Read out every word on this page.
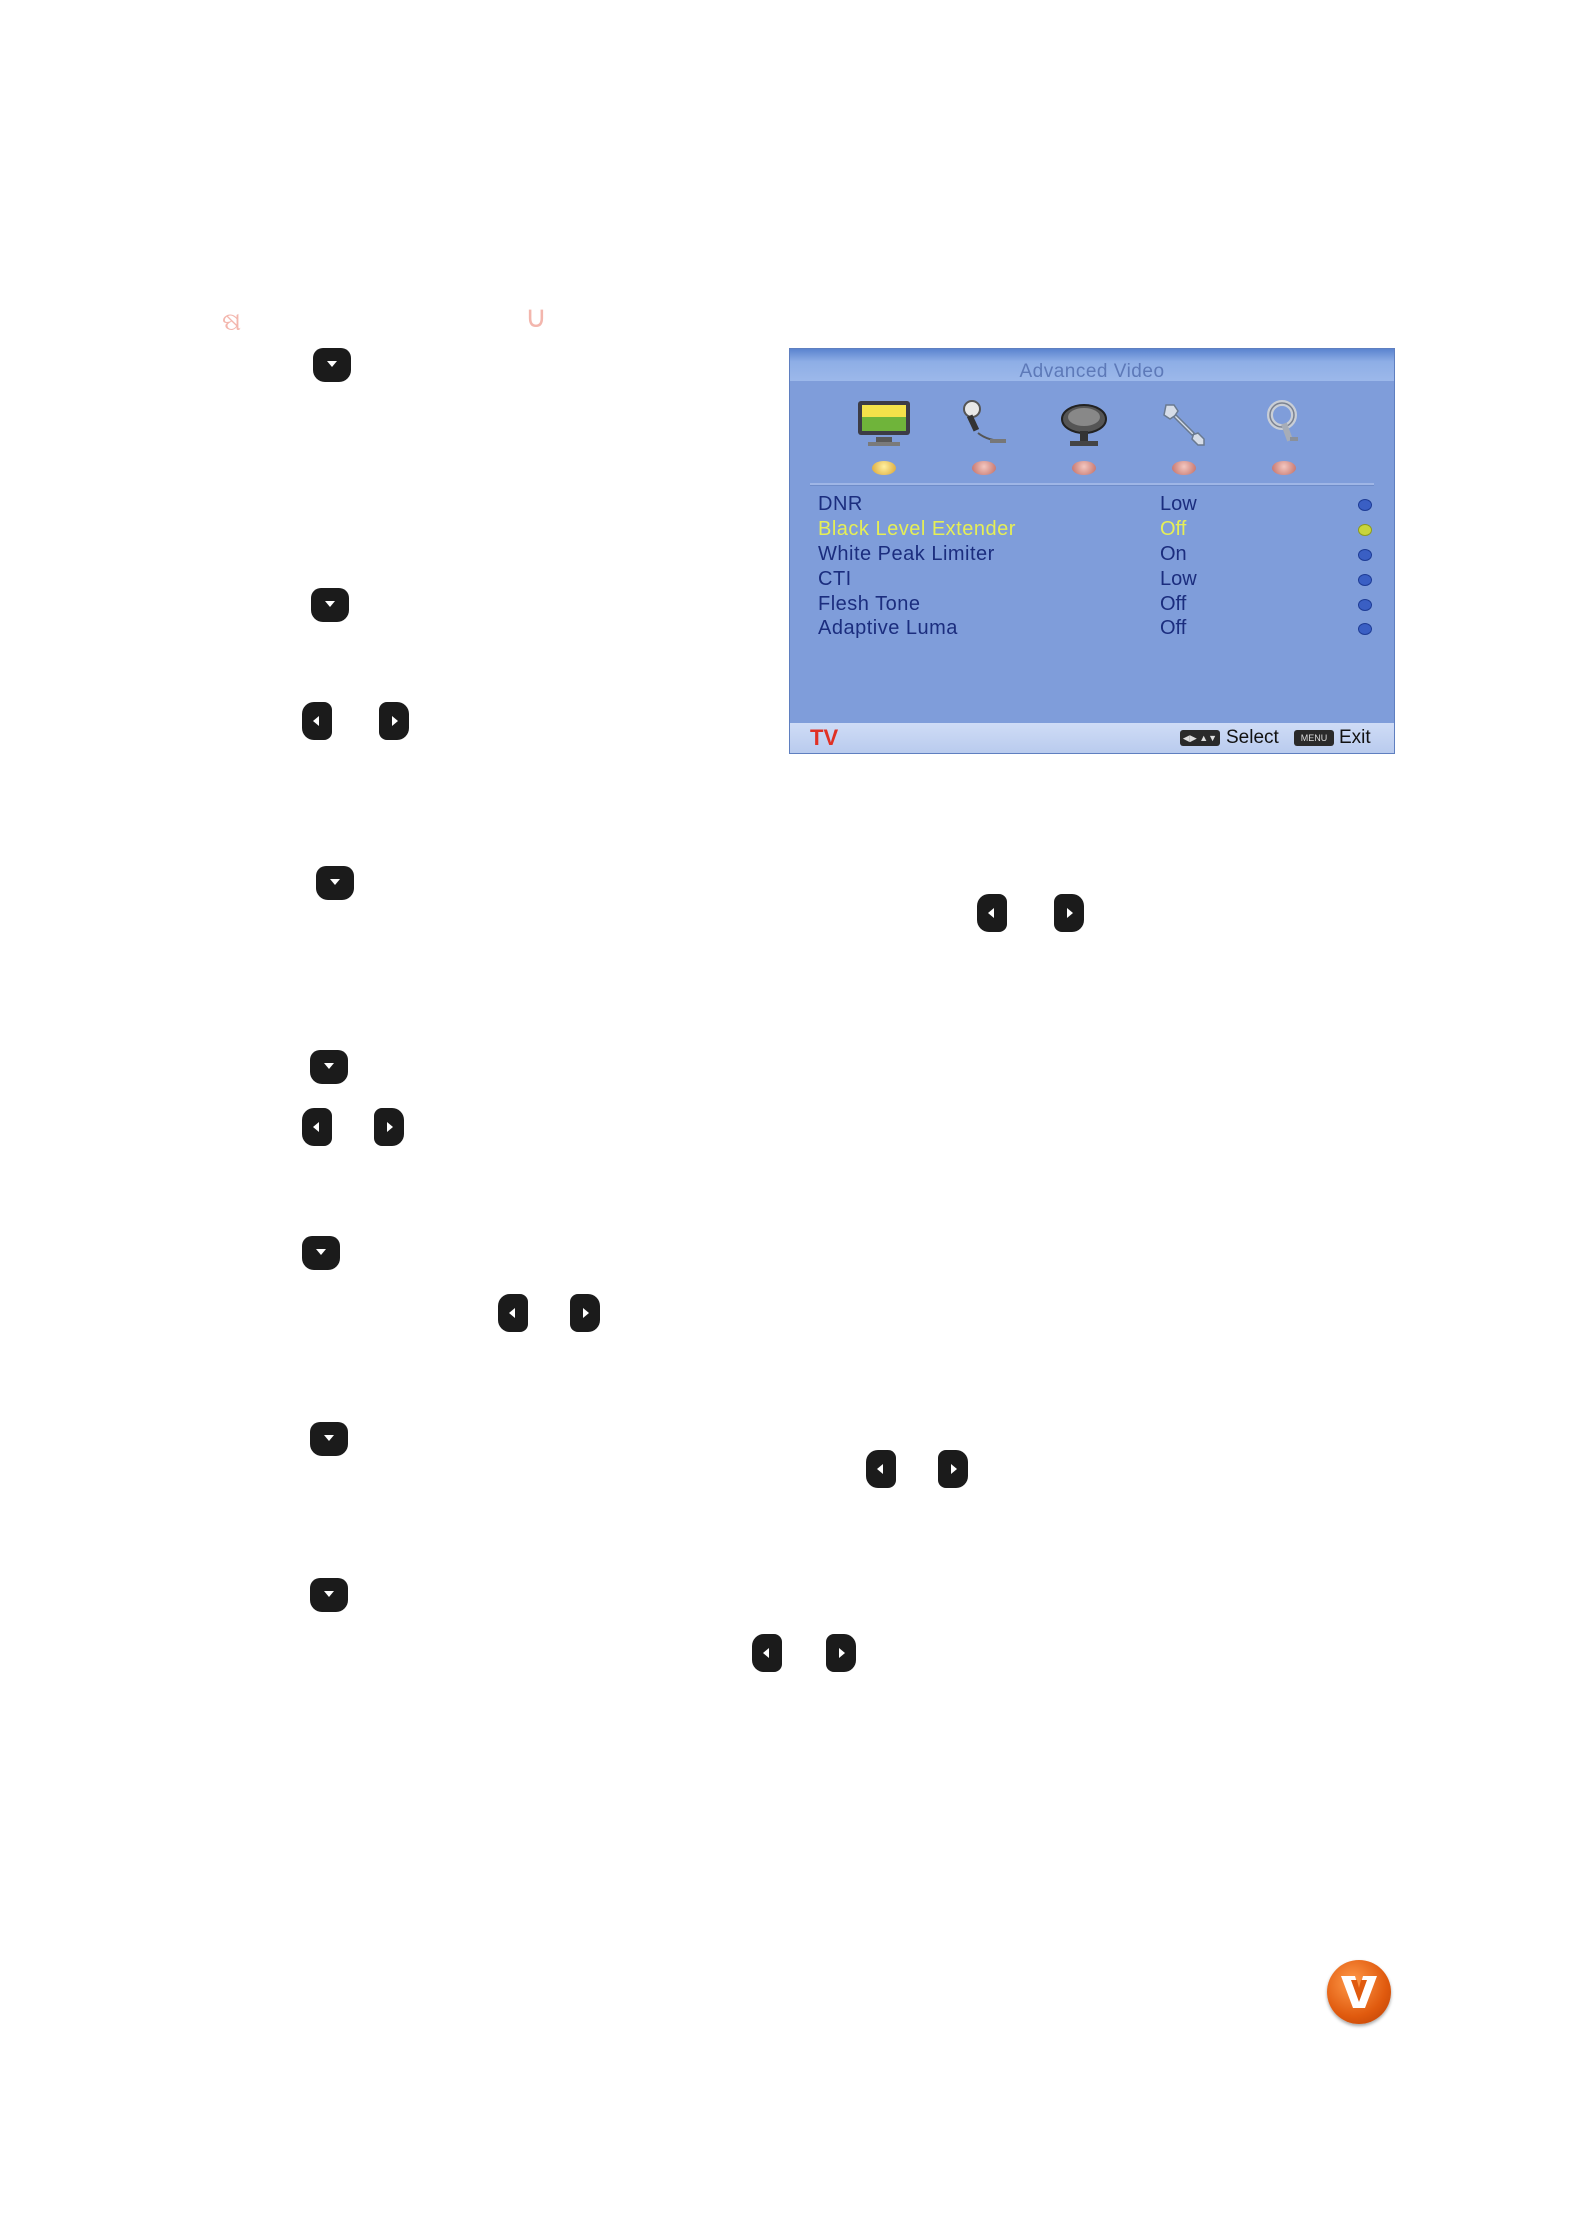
ଷ	∪
Advanced Video
DNR	Low
Black Level Extender	Off
White Peak Limiter	On
CTI	Low
Flesh Tone	Off
Adaptive Luma	Off
TV	◀▶ ▲▼ Select	MENU Exit
